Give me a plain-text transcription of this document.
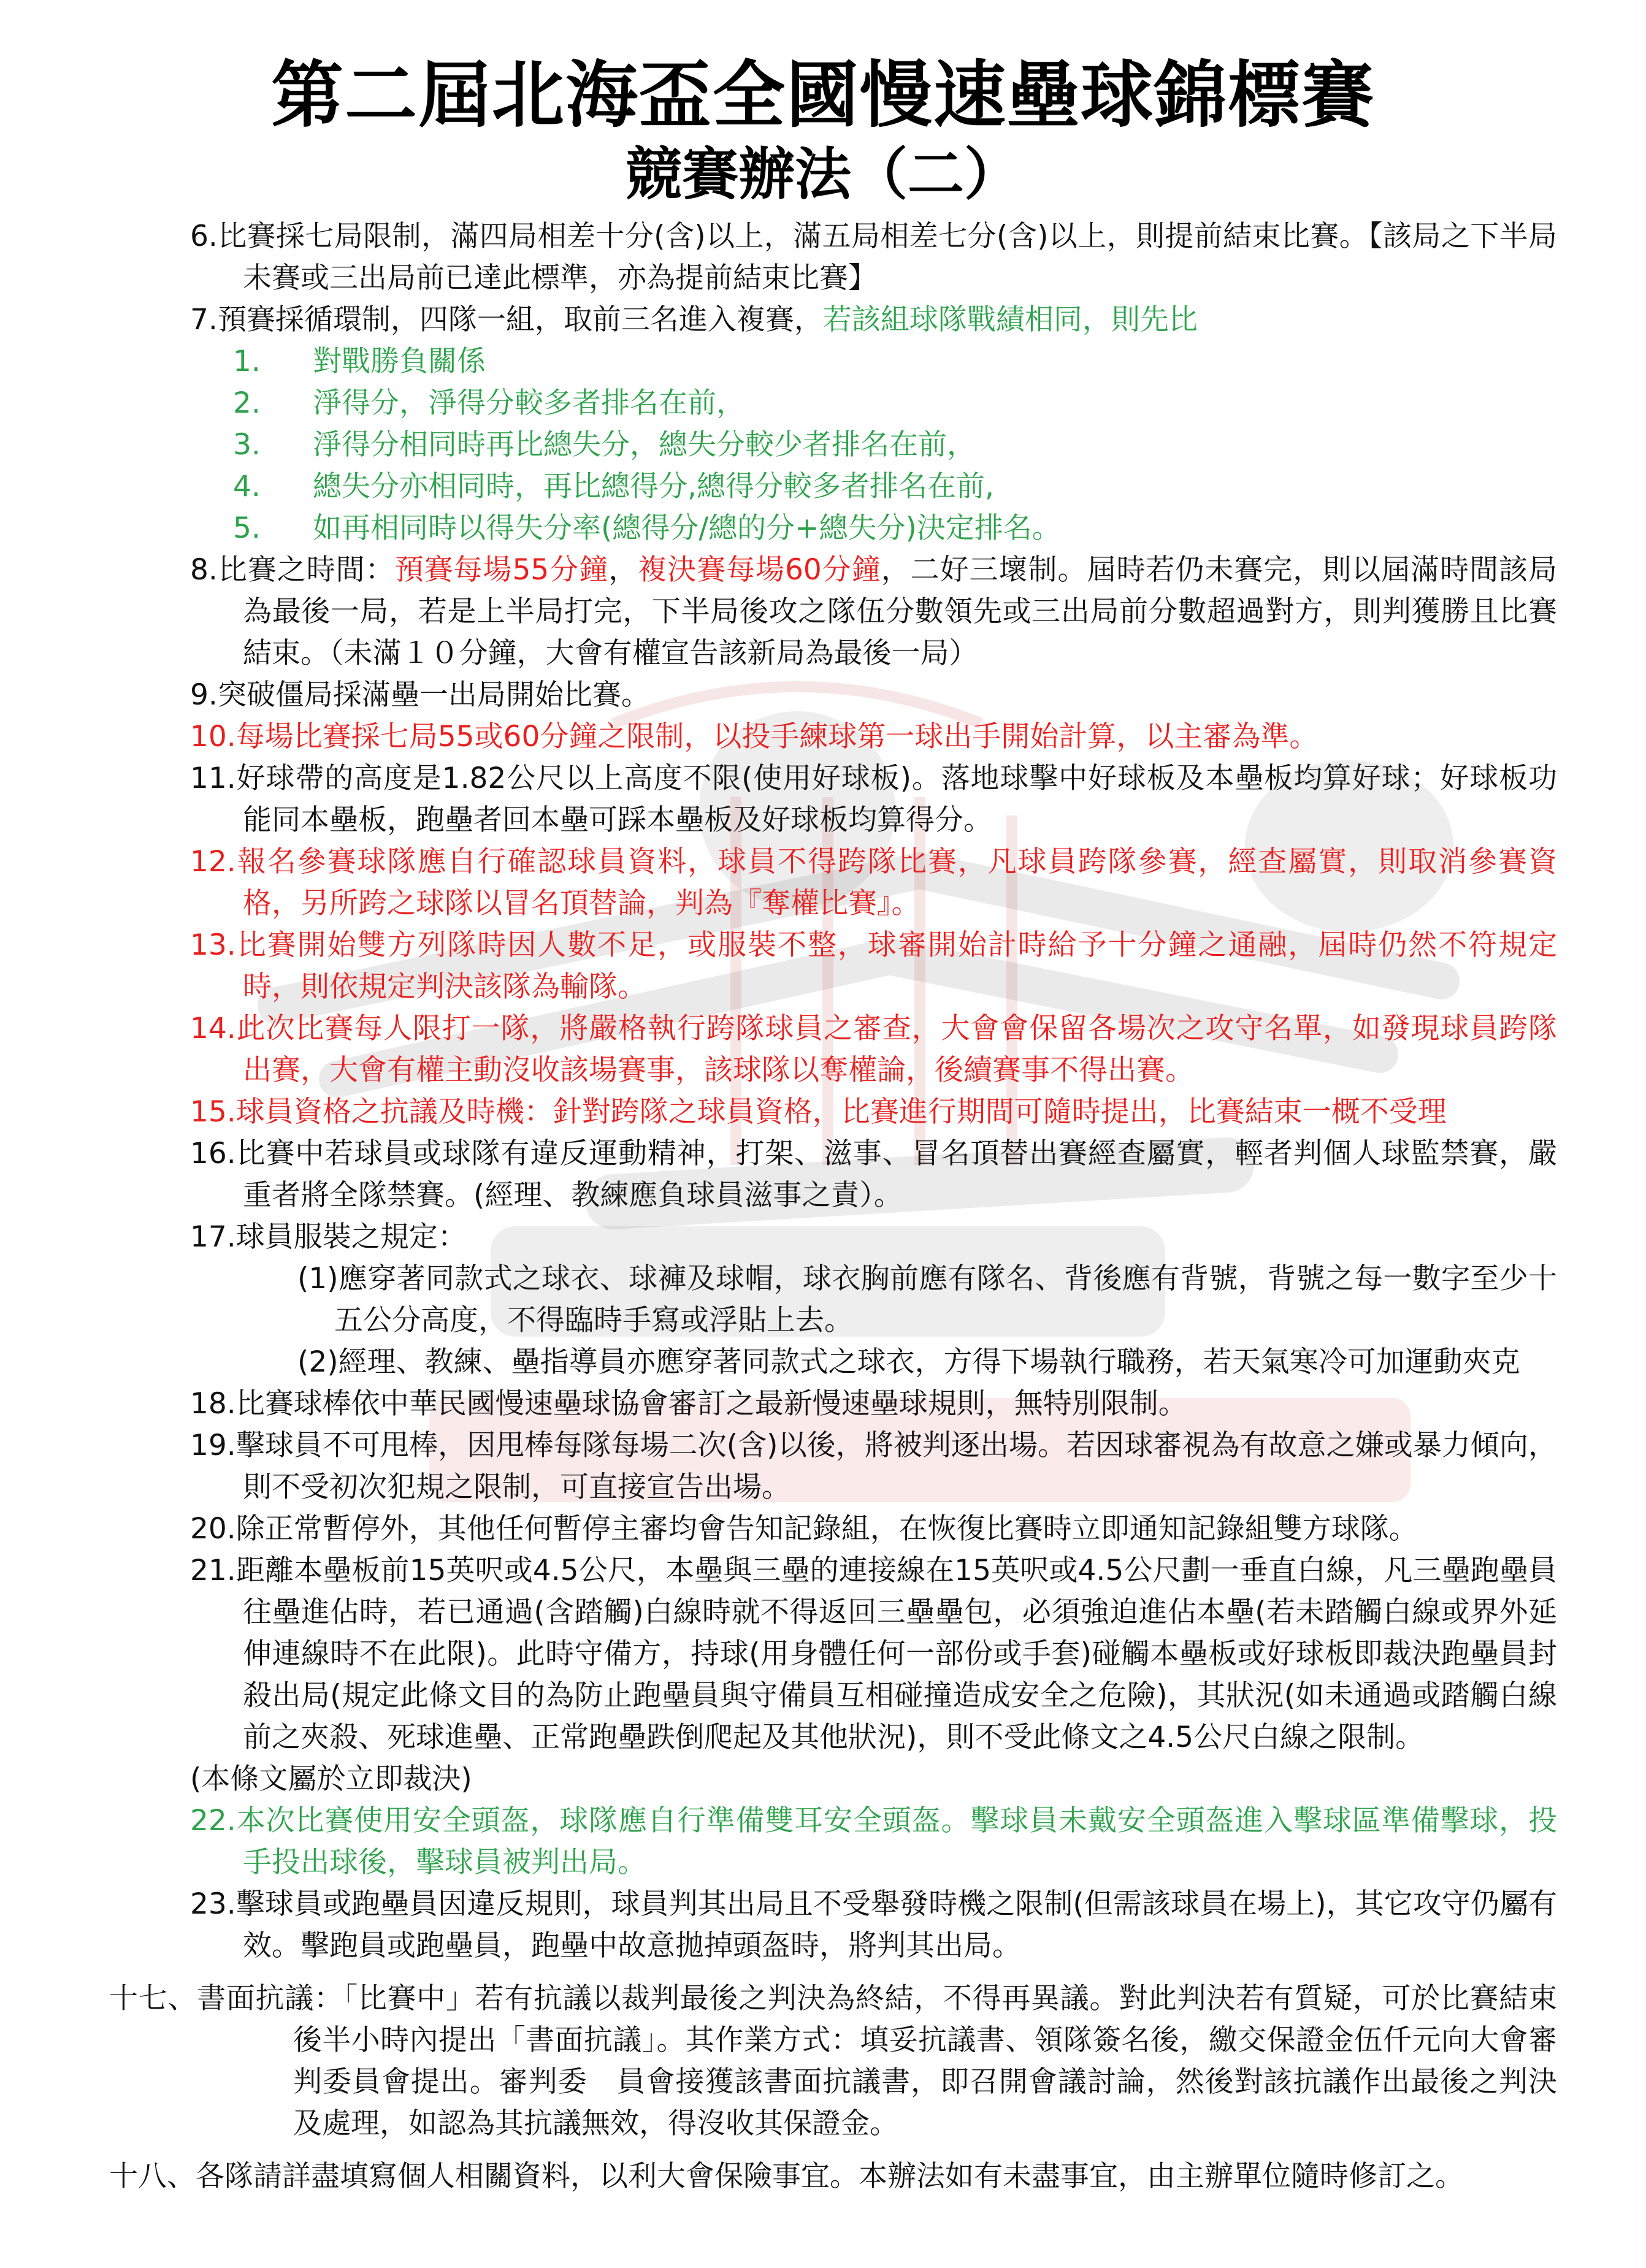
第二屆北海盃全國慢速壘球錦標賽
競賽辦法（二）
6.比賽採七局限制，滿四局相差十分(含)以上，滿五局相差七分(含)以上，則提前結束比賽。【該局之下半局未賽或三出局前已達此標準，亦為提前結束比賽】
7.預賽採循環制，四隊一組，取前三名進入複賽，若該組球隊戰績相同，則先比
1.	對戰勝負關係
2.	淨得分，淨得分較多者排名在前，
3.	淨得分相同時再比總失分，總失分較少者排名在前，
4.	總失分亦相同時，再比總得分,總得分較多者排名在前,
5.	如再相同時以得失分率(總得分/總的分+總失分)決定排名。
8.比賽之時間：預賽每場55分鐘，複決賽每場60分鐘，二好三壞制。屆時若仍未賽完，則以屆滿時間該局為最後一局，若是上半局打完，下半局後攻之隊伍分數領先或三出局前分數超過對方，則判獲勝且比賽結束。（未滿１０分鐘，大會有權宣告該新局為最後一局）
9.突破僵局採滿壘一出局開始比賽。
10.每場比賽採七局55或60分鐘之限制，以投手練球第一球出手開始計算，以主審為準。
11.好球帶的高度是1.82公尺以上高度不限(使用好球板)。落地球擊中好球板及本壘板均算好球；好球板功能同本壘板，跑壘者回本壘可踩本壘板及好球板均算得分。
12.報名參賽球隊應自行確認球員資料，球員不得跨隊比賽，凡球員跨隊參賽，經查屬實，則取消參賽資格，另所跨之球隊以冒名頂替論，判為『奪權比賽』。
13.比賽開始雙方列隊時因人數不足，或服裝不整，球審開始計時給予十分鐘之通融，屆時仍然不符規定時，則依規定判決該隊為輸隊。
14.此次比賽每人限打一隊，將嚴格執行跨隊球員之審查，大會會保留各場次之攻守名單，如發現球員跨隊出賽，大會有權主動沒收該場賽事，該球隊以奪權論，後續賽事不得出賽。
15.球員資格之抗議及時機：針對跨隊之球員資格，比賽進行期間可隨時提出，比賽結束一概不受理
16.比賽中若球員或球隊有違反運動精神，打架、滋事、冒名頂替出賽經查屬實，輕者判個人球監禁賽，嚴重者將全隊禁賽。(經理、教練應負球員滋事之責）。
17.球員服裝之規定：
(1)應穿著同款式之球衣、球褲及球帽，球衣胸前應有隊名、背後應有背號，背號之每一數字至少十五公分高度，不得臨時手寫或浮貼上去。
(2)經理、教練、壘指導員亦應穿著同款式之球衣，方得下場執行職務，若天氣寒冷可加運動夾克
18.比賽球棒依中華民國慢速壘球協會審訂之最新慢速壘球規則，無特別限制。
19.擊球員不可甩棒，因甩棒每隊每場二次(含)以後，將被判逐出場。若因球審視為有故意之嫌或暴力傾向，則不受初次犯規之限制，可直接宣告出場。
20.除正常暫停外，其他任何暫停主審均會告知記錄組，在恢復比賽時立即通知記錄組雙方球隊。
21.距離本壘板前15英呎或4.5公尺，本壘與三壘的連接線在15英呎或4.5公尺劃一垂直白線，凡三壘跑壘員往壘進佔時，若已通過(含踏觸)白線時就不得返回三壘壘包，必須強迫進佔本壘(若未踏觸白線或界外延伸連線時不在此限)。此時守備方，持球(用身體任何一部份或手套)碰觸本壘板或好球板即裁決跑壘員封殺出局(規定此條文目的為防止跑壘員與守備員互相碰撞造成安全之危險)，其狀況(如未通過或踏觸白線前之夾殺、死球進壘、正常跑壘跌倒爬起及其他狀況)，則不受此條文之4.5公尺白線之限制。
(本條文屬於立即裁決)
22.本次比賽使用安全頭盔，球隊應自行準備雙耳安全頭盔。擊球員未戴安全頭盔進入擊球區準備擊球，投手投出球後，擊球員被判出局。
23.擊球員或跑壘員因違反規則，球員判其出局且不受舉發時機之限制(但需該球員在場上)，其它攻守仍屬有效。擊跑員或跑壘員，跑壘中故意拋掉頭盔時，將判其出局。
十七、書面抗議：「比賽中」若有抗議以裁判最後之判決為終結，不得再異議。對此判決若有質疑，可於比賽結束後半小時內提出「書面抗議」。其作業方式：填妥抗議書、領隊簽名後，繳交保證金伍仟元向大會審判委員會提出。審判委　員會接獲該書面抗議書，即召開會議討論，然後對該抗議作出最後之判決及處理，如認為其抗議無效，得沒收其保證金。
十八、各隊請詳盡填寫個人相關資料，以利大會保險事宜。本辦法如有未盡事宜，由主辦單位隨時修訂之。
